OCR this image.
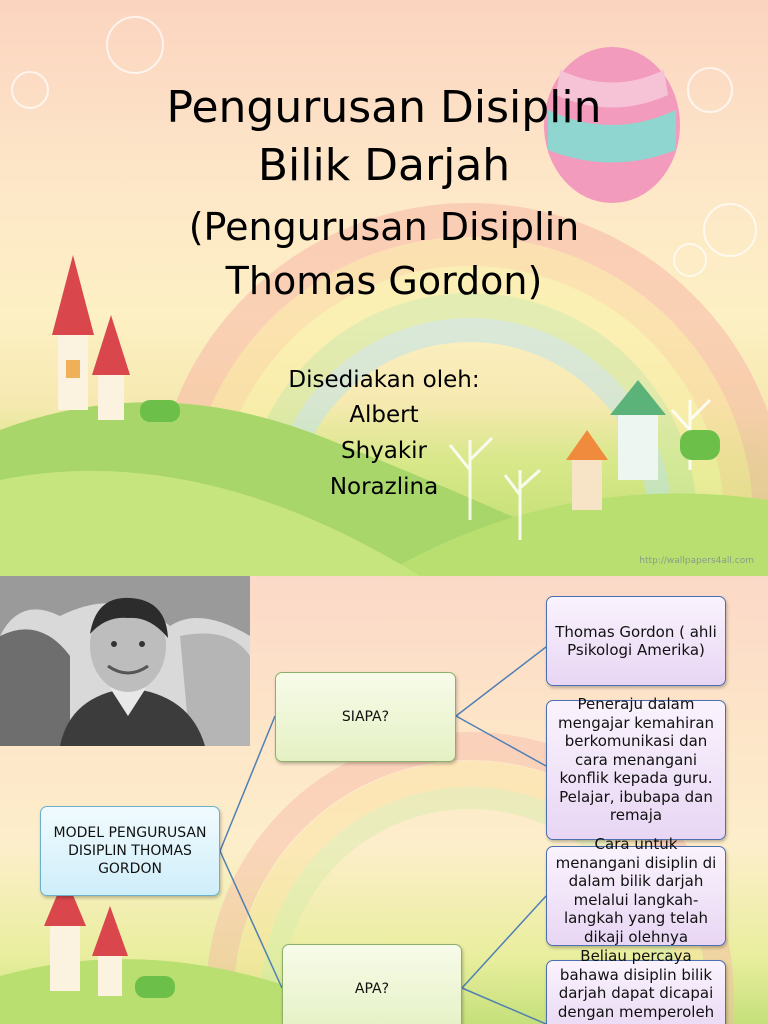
Pengurusan Disiplin
Bilik Darjah
(Pengurusan Disiplin
Thomas Gordon)
Disediakan oleh:
Albert
Shyakir
Norazlina
http://wallpapers4all.com
MODEL PENGURUSAN DISIPLIN THOMAS GORDON
SIAPA?
APA?
Thomas Gordon ( ahli Psikologi Amerika)
Peneraju dalam mengajar kemahiran berkomunikasi dan cara menangani konflik kepada guru. Pelajar, ibubapa dan remaja
Cara untuk menangani disiplin di dalam bilik darjah melalui langkah-langkah yang telah dikaji olehnya
Beliau percaya bahawa disiplin bilik darjah dapat dicapai dengan memperoleh
